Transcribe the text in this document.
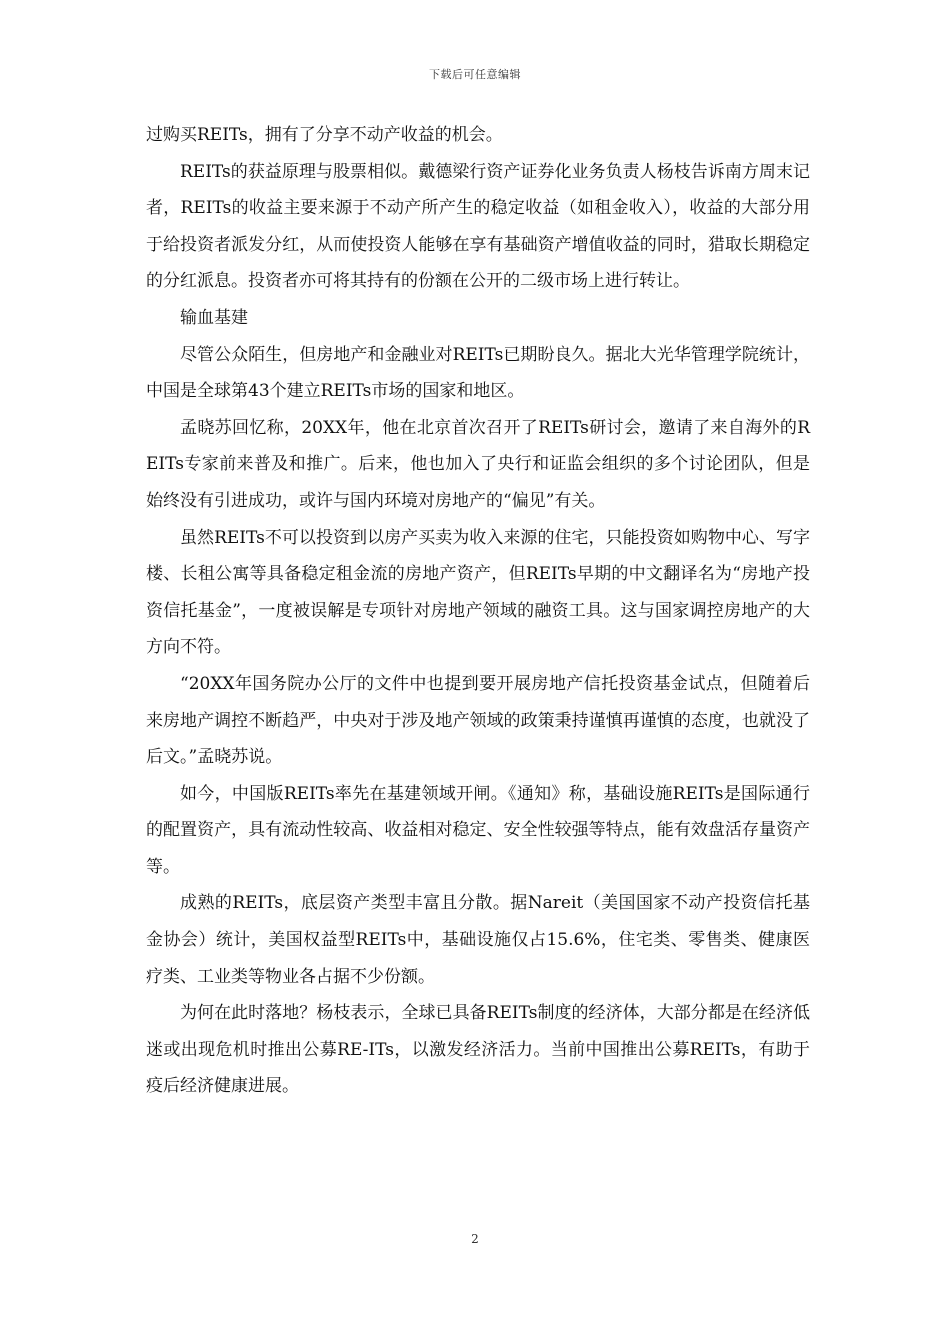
下载后可任意编辑

过购买REITs，拥有了分享不动产收益的机会。

REITs的获益原理与股票相似。戴德梁行资产证券化业务负责人杨枝告诉南方周末记者，REITs的收益主要来源于不动产所产生的稳定收益（如租金收入），收益的大部分用于给投资者派发分红，从而使投资人能够在享有基础资产增值收益的同时，猎取长期稳定的分红派息。投资者亦可将其持有的份额在公开的二级市场上进行转让。

输血基建

尽管公众陌生，但房地产和金融业对REITs已期盼良久。据北大光华管理学院统计，中国是全球第43个建立REITs市场的国家和地区。

孟晓苏回忆称，20XX年，他在北京首次召开了REITs研讨会，邀请了来自海外的REITs专家前来普及和推广。后来，他也加入了央行和证监会组织的多个讨论团队，但是始终没有引进成功，或许与国内环境对房地产的“偏见”有关。

虽然REITs不可以投资到以房产买卖为收入来源的住宅，只能投资如购物中心、写字楼、长租公寓等具备稳定租金流的房地产资产，但REITs早期的中文翻译名为“房地产投资信托基金”，一度被误解是专项针对房地产领域的融资工具。这与国家调控房地产的大方向不符。

“20XX年国务院办公厅的文件中也提到要开展房地产信托投资基金试点，但随着后来房地产调控不断趋严，中央对于涉及地产领域的政策秉持谨慎再谨慎的态度，也就没了后文。”孟晓苏说。

如今，中国版REITs率先在基建领域开闸。《通知》称，基础设施REITs是国际通行的配置资产，具有流动性较高、收益相对稳定、安全性较强等特点，能有效盘活存量资产等。

成熟的REITs，底层资产类型丰富且分散。据Nareit（美国国家不动产投资信托基金协会）统计，美国权益型REITs中，基础设施仅占15.6%，住宅类、零售类、健康医疗类、工业类等物业各占据不少份额。

为何在此时落地？杨枝表示，全球已具备REITs制度的经济体，大部分都是在经济低迷或出现危机时推出公募RE-ITs，以激发经济活力。当前中国推出公募REITs，有助于疫后经济健康进展。

2
